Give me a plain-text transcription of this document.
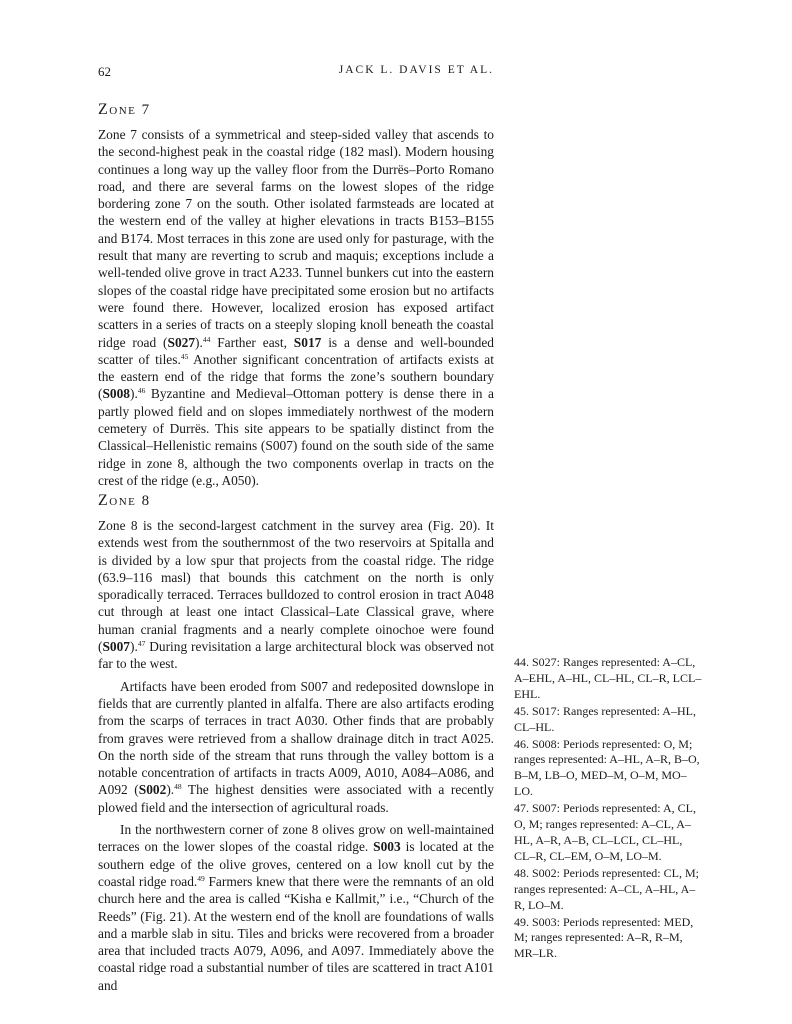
62	JACK L. DAVIS ET AL.
Zone 7

Zone 7 consists of a symmetrical and steep-sided valley that ascends to the second-highest peak in the coastal ridge (182 masl). Modern housing continues a long way up the valley floor from the Durrës–Porto Romano road, and there are several farms on the lowest slopes of the ridge bordering zone 7 on the south. Other isolated farmsteads are located at the western end of the valley at higher elevations in tracts B153–B155 and B174. Most terraces in this zone are used only for pasturage, with the result that many are reverting to scrub and maquis; exceptions include a well-tended olive grove in tract A233. Tunnel bunkers cut into the eastern slopes of the coastal ridge have precipitated some erosion but no artifacts were found there. However, localized erosion has exposed artifact scatters in a series of tracts on a steeply sloping knoll beneath the coastal ridge road (S027).$^{44}$ Farther east, S017 is a dense and well-bounded scatter of tiles.$^{45}$ Another significant concentration of artifacts exists at the eastern end of the ridge that forms the zone’s southern boundary (S008).$^{46}$ Byzantine and Medieval–Ottoman pottery is dense there in a partly plowed field and on slopes immediately northwest of the modern cemetery of Durrës. This site appears to be spatially distinct from the Classical–Hellenistic remains (S007) found on the south side of the same ridge in zone 8, although the two components overlap in tracts on the crest of the ridge (e.g., A050).

Zone 8

Zone 8 is the second-largest catchment in the survey area (Fig. 20). It extends west from the southernmost of the two reservoirs at Spitalla and is divided by a low spur that projects from the coastal ridge. The ridge (63.9–116 masl) that bounds this catchment on the north is only sporadically terraced. Terraces bulldozed to control erosion in tract A048 cut through at least one intact Classical–Late Classical grave, where human cranial fragments and a nearly complete oinochoe were found (S007).$^{47}$ During revisitation a large architectural block was observed not far to the west.

Artifacts have been eroded from S007 and redeposited downslope in fields that are currently planted in alfalfa. There are also artifacts eroding from the scarps of terraces in tract A030. Other finds that are probably from graves were retrieved from a shallow drainage ditch in tract A025. On the north side of the stream that runs through the valley bottom is a notable concentration of artifacts in tracts A009, A010, A084–A086, and A092 (S002).$^{48}$ The highest densities were associated with a recently plowed field and the intersection of agricultural roads.

In the northwestern corner of zone 8 olives grow on well-maintained terraces on the lower slopes of the coastal ridge. S003 is located at the southern edge of the olive groves, centered on a low knoll cut by the coastal ridge road.$^{49}$ Farmers knew that there were the remnants of an old church here and the area is called “Kisha e Kallmit,” i.e., “Church of the Reeds” (Fig. 21). At the western end of the knoll are foundations of walls and a marble slab in situ. Tiles and bricks were recovered from a broader area that included tracts A079, A096, and A097. Immediately above the coastal ridge road a substantial number of tiles are scattered in tract A101 and

44. S027: Ranges represented: A–CL, A–EHL, A–HL, CL–HL, CL–R, LCL–EHL.

45. S017: Ranges represented: A–HL, CL–HL.

46. S008: Periods represented: O, M; ranges represented: A–HL, A–R, B–O, B–M, LB–O, MED–M, O–M, MO–LO.

47. S007: Periods represented: A, CL, O, M; ranges represented: A–CL, A–HL, A–R, A–B, CL–LCL, CL–HL, CL–R, CL–EM, O–M, LO–M.

48. S002: Periods represented: CL, M; ranges represented: A–CL, A–HL, A–R, LO–M.

49. S003: Periods represented: MED, M; ranges represented: A–R, R–M, MR–LR.
